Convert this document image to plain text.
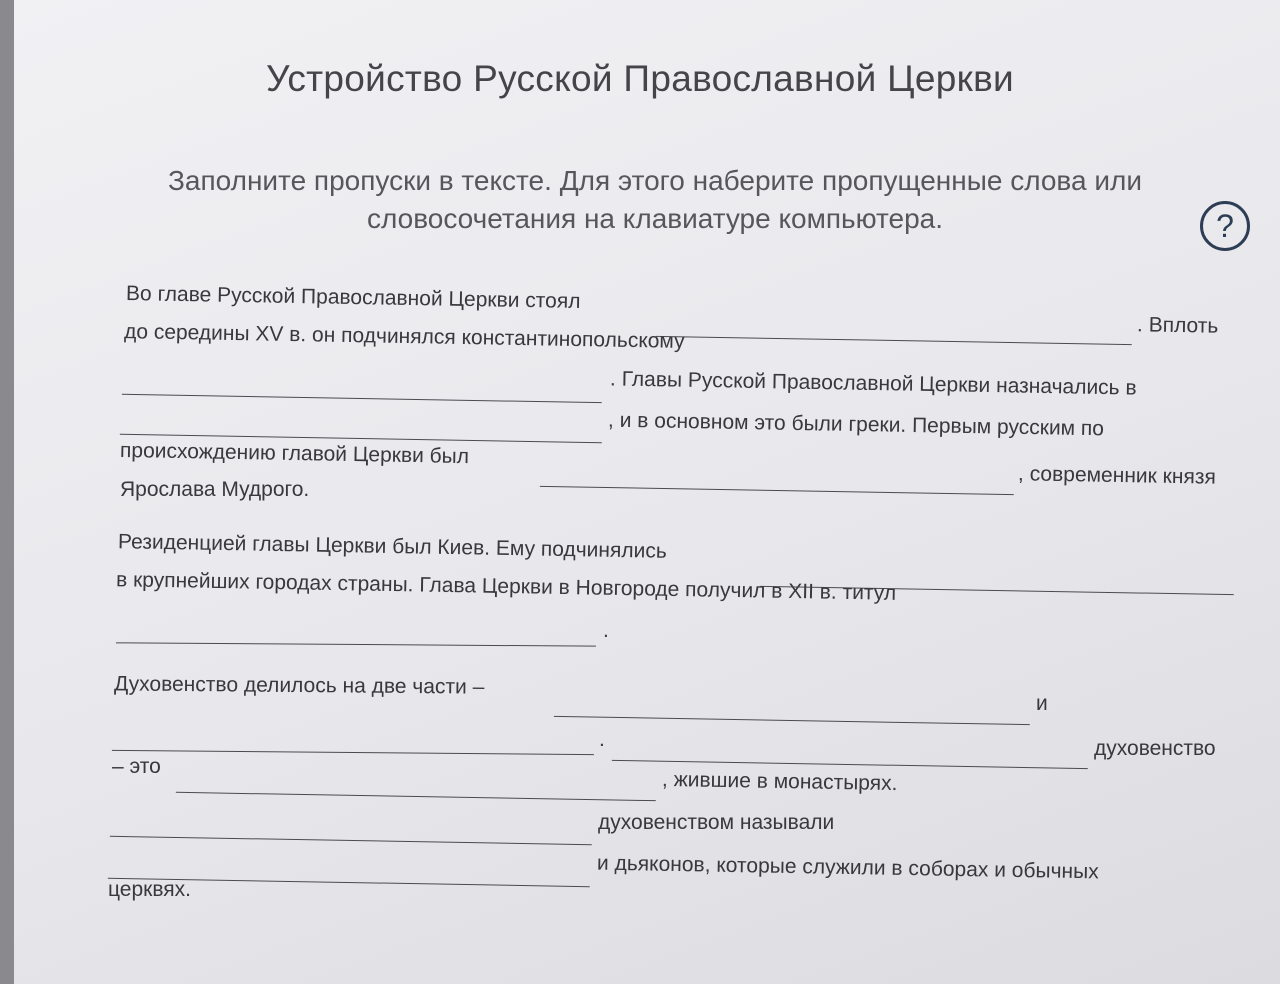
Устройство Русской Православной Церкви
Заполните пропуски в тексте. Для этого наберите пропущенные слова или словосочетания на клавиатуре компьютера.	?
Во главе Русской Православной Церкви стоял
. Вплоть
до середины XV в. он подчинялся константинопольскому
. Главы Русской Православной Церкви назначались в
, и в основном это были греки. Первым русским по
происхождению главой Церкви был
, современник князя
Ярослава Мудрого.
Резиденцией главы Церкви был Киев. Ему подчинялись
в крупнейших городах страны. Глава Церкви в Новгороде получил в XII в. титул
.
Духовенство делилось на две части –
и
.	духовенство
– это
, жившие в монастырях.
духовенством называли
и дьяконов, которые служили в соборах и обычных
церквях.
